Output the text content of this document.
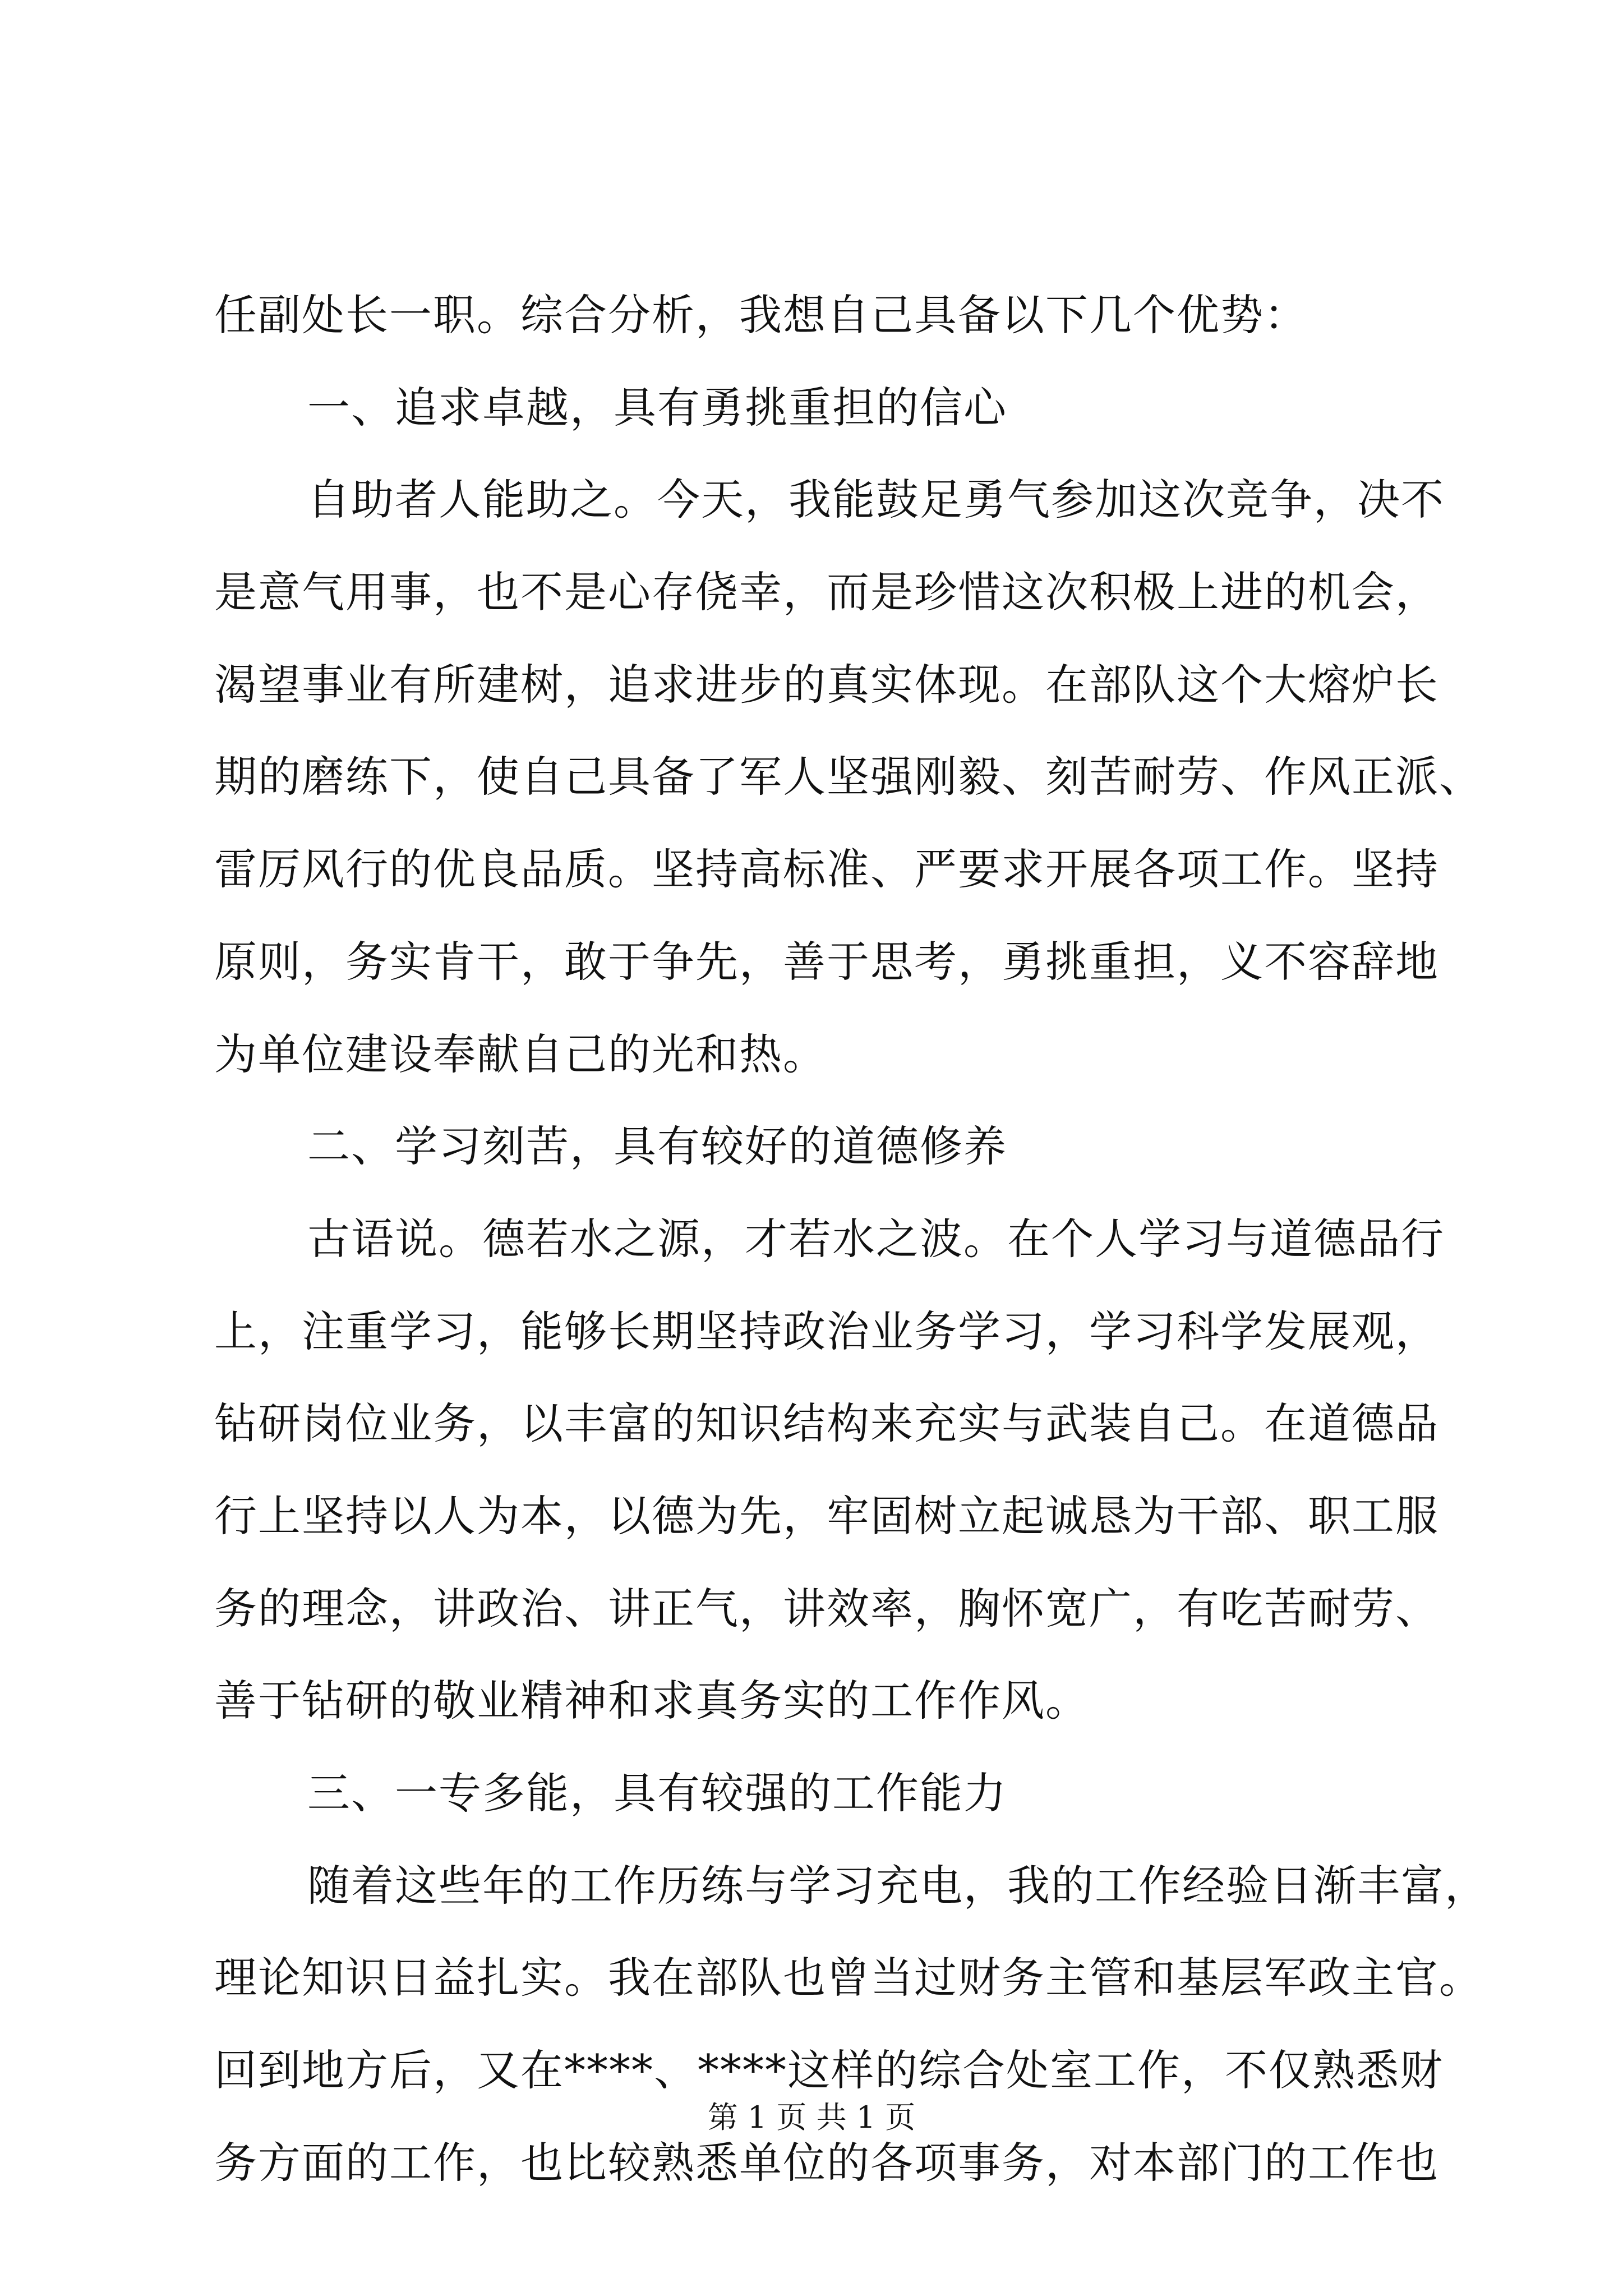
任副处长一职。综合分析，我想自己具备以下几个优势：
一、追求卓越，具有勇挑重担的信心
自助者人能助之。今天，我能鼓足勇气参加这次竞争，决不
是意气用事，也不是心存侥幸，而是珍惜这次积极上进的机会，
渴望事业有所建树，追求进步的真实体现。在部队这个大熔炉长
期的磨练下，使自己具备了军人坚强刚毅、刻苦耐劳、作风正派、
雷厉风行的优良品质。坚持高标准、严要求开展各项工作。坚持
原则，务实肯干，敢于争先，善于思考，勇挑重担，义不容辞地
为单位建设奉献自己的光和热。
二、学习刻苦，具有较好的道德修养
古语说。德若水之源，才若水之波。在个人学习与道德品行
上，注重学习，能够长期坚持政治业务学习，学习科学发展观，
钻研岗位业务，以丰富的知识结构来充实与武装自己。在道德品
行上坚持以人为本，以德为先，牢固树立起诚恳为干部、职工服
务的理念，讲政治、讲正气，讲效率，胸怀宽广，有吃苦耐劳、
善于钻研的敬业精神和求真务实的工作作风。
三、一专多能，具有较强的工作能力
随着这些年的工作历练与学习充电，我的工作经验日渐丰富，
理论知识日益扎实。我在部队也曾当过财务主管和基层军政主官。
回到地方后，又在****、****这样的综合处室工作，不仅熟悉财
务方面的工作，也比较熟悉单位的各项事务，对本部门的工作也
第 1 页 共 1 页
